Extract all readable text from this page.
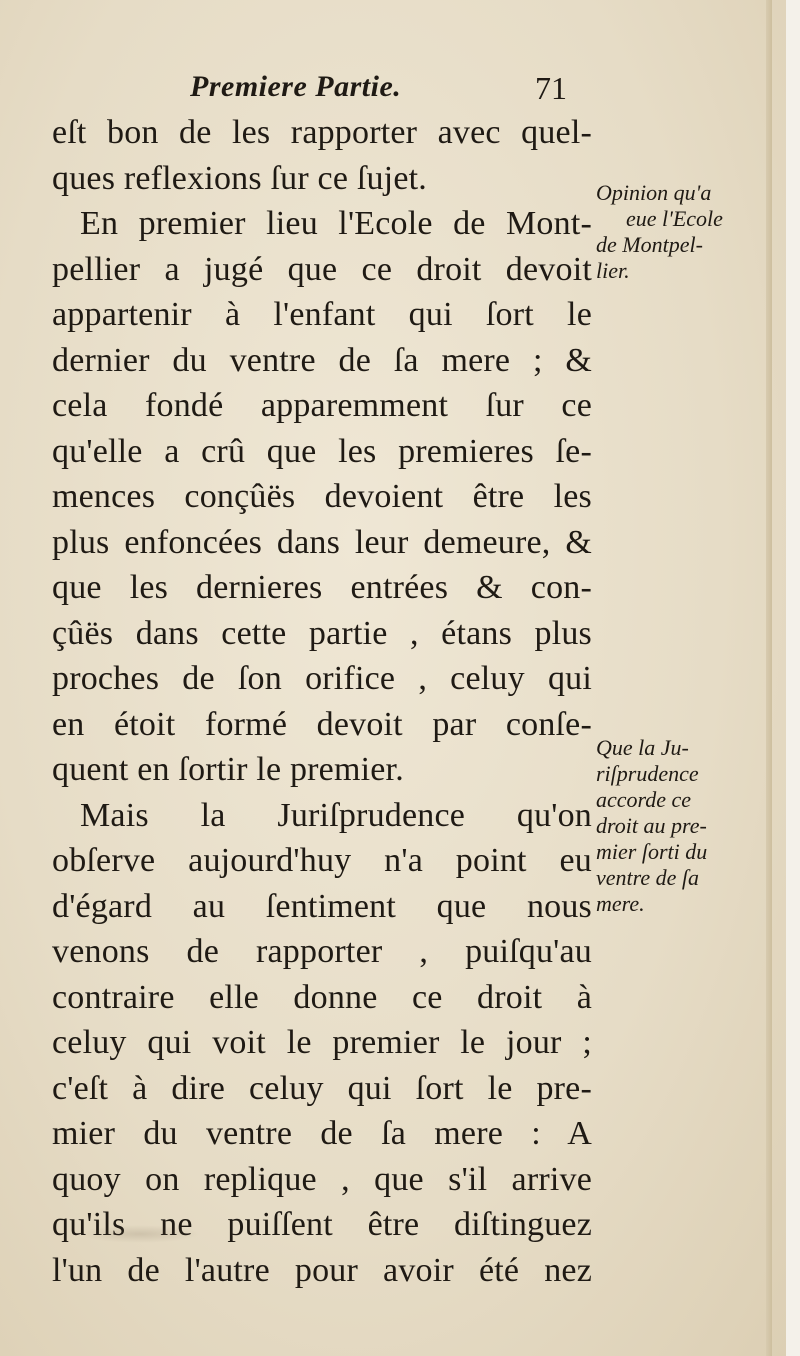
Premiere Partie.	71
eſt bon de les rapporter avec quel-
ques reflexions ſur ce ſujet.
En premier lieu l'Ecole de Mont-
pellier a jugé que ce droit devoit
appartenir à l'enfant qui ſort le
dernier du ventre de ſa mere ; &
cela fondé apparemment ſur ce
qu'elle a crû que les premieres ſe-
mences conçûës devoient être les
plus enfoncées dans leur demeure, &
que les dernieres entrées & con-
çûës dans cette partie , étans plus
proches de ſon orifice , celuy qui
en étoit formé devoit par conſe-
quent en ſortir le premier.
Mais la Juriſprudence qu'on
obſerve aujourd'huy n'a point eu
d'égard au ſentiment que nous
venons de rapporter , puiſqu'au
contraire elle donne ce droit à
celuy qui voit le premier le jour ;
c'eſt à dire celuy qui ſort le pre-
mier du ventre de ſa mere : A
quoy on replique , que s'il arrive
qu'ils ne puiſſent être diſtinguez
l'un de l'autre pour avoir été nez
Opinion qu'a
eue l'Ecole
de Montpel-
lier.
Que la Ju-
riſprudence
accorde ce
droit au pre-
mier ſorti du
ventre de ſa
mere.
